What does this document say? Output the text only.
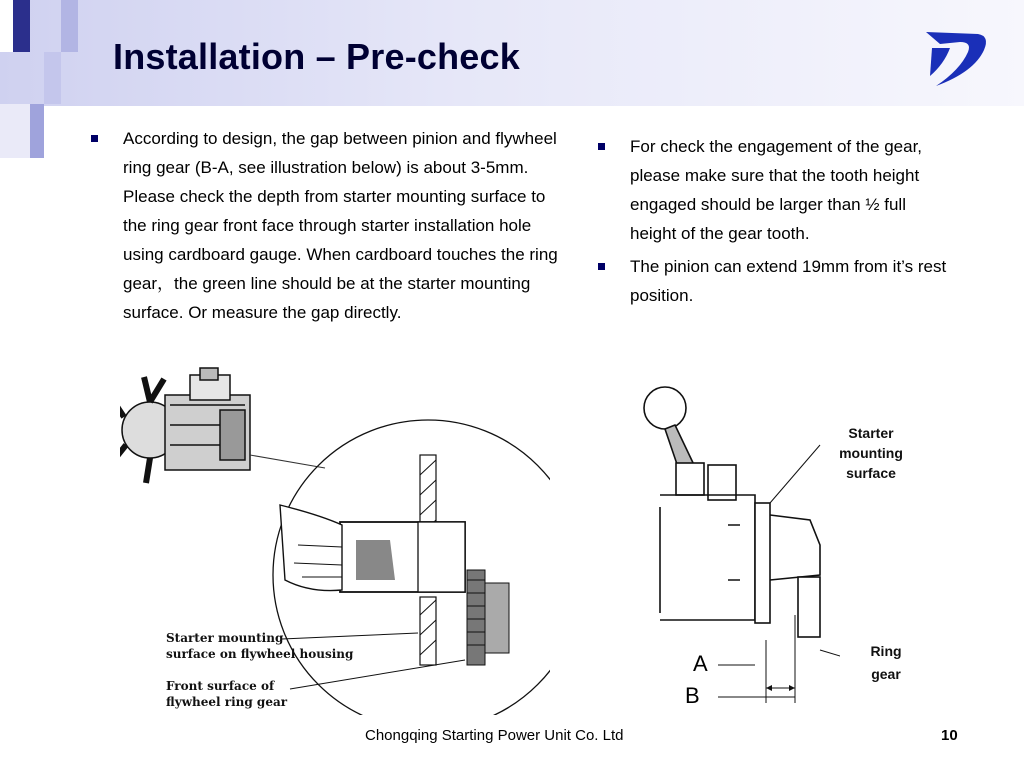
Installation – Pre-check
According to design, the gap between pinion and flywheel ring gear (B-A, see illustration below) is about 3-5mm. Please check the depth from starter mounting surface to the ring gear front face through starter installation hole using cardboard gauge. When cardboard touches the ring gear，the green line should be at the starter mounting surface. Or measure the gap directly.
For check the engagement of the gear, please make sure that the tooth height engaged should be larger than ½ full height of the gear tooth.
The pinion can extend 19mm from it’s rest position.
Starter mounting
surface on flywheel housing
Front surface of
flywheel ring gear
Starter
mounting
surface
Ring
gear
A
B
Chongqing Starting Power Unit Co. Ltd	10
